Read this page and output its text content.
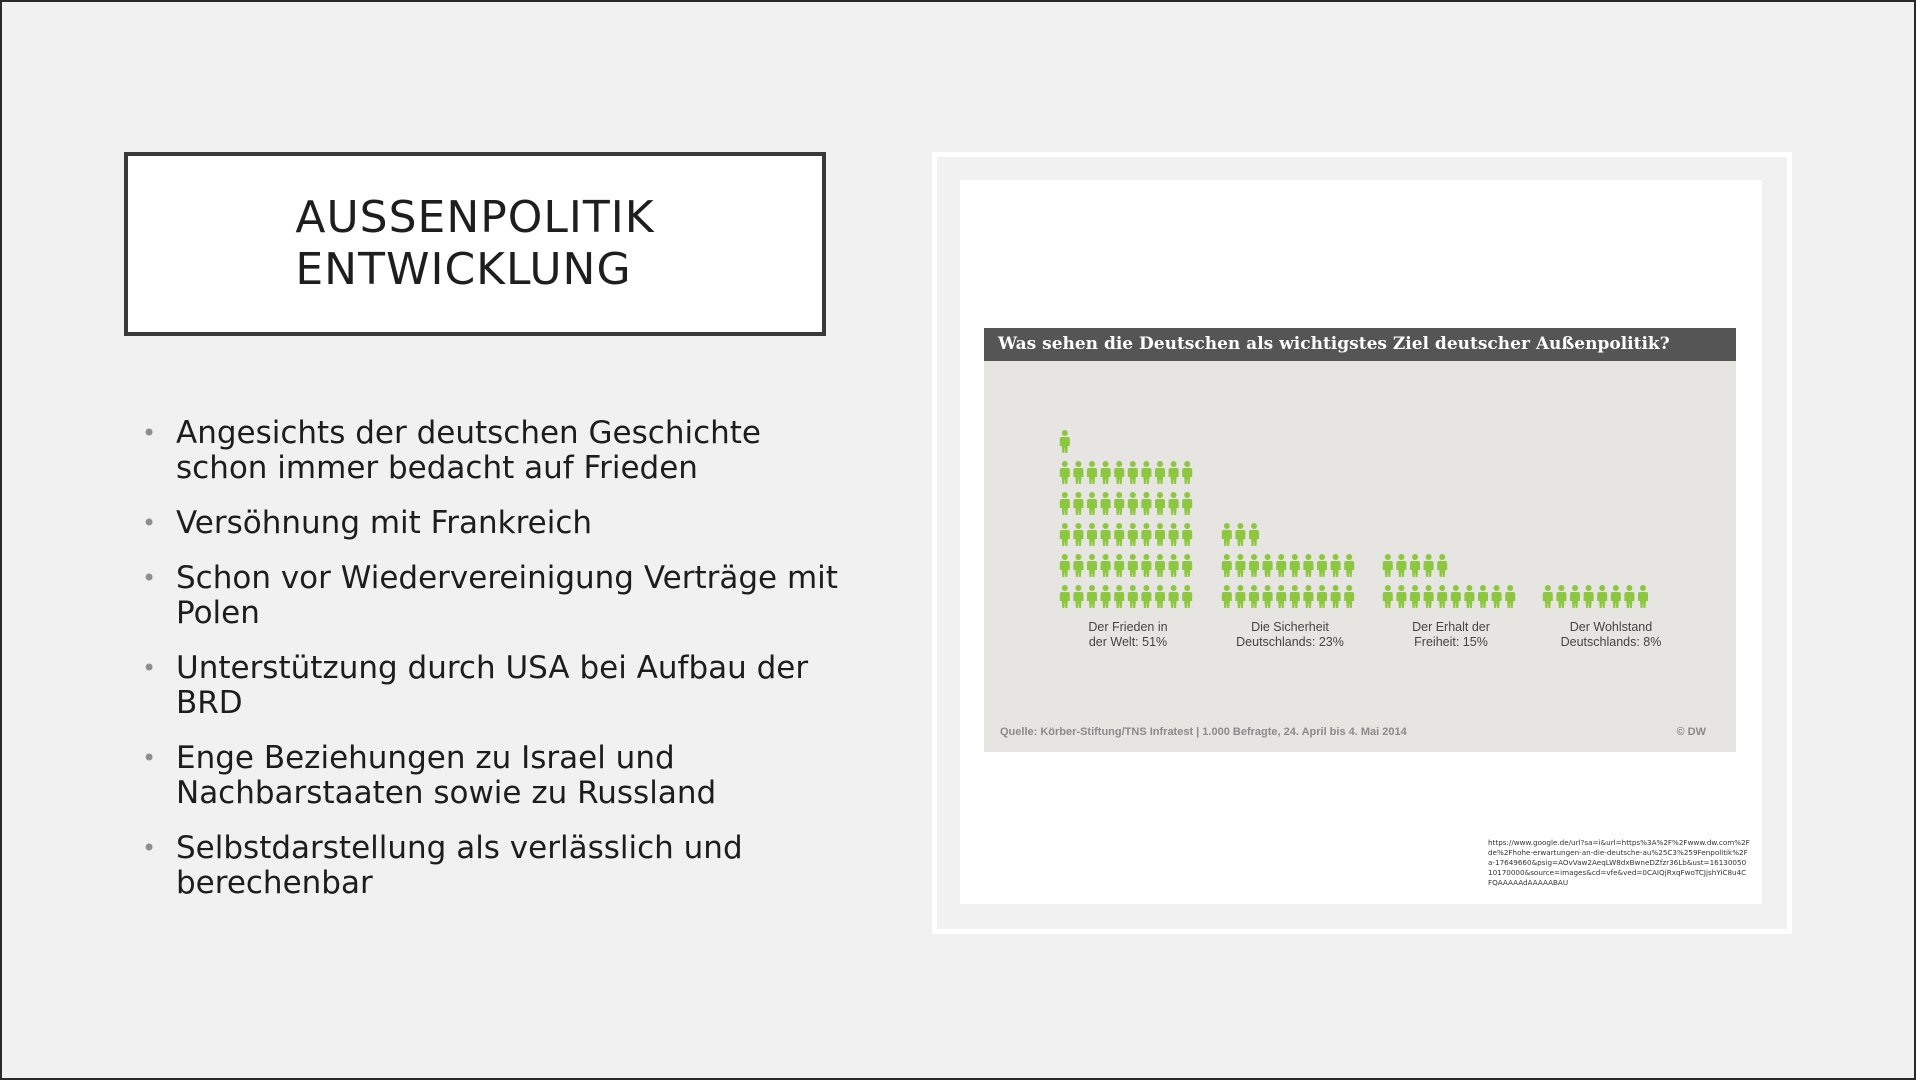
AUSSENPOLITIK
ENTWICKLUNG
• Angesichts der deutschen Geschichte schon immer bedacht auf Frieden
• Versöhnung mit Frankreich
• Schon vor Wiedervereinigung Verträge mit Polen
• Unterstützung durch USA bei Aufbau der BRD
• Enge Beziehungen zu Israel und Nachbarstaaten sowie zu Russland
• Selbstdarstellung als verlässlich und berechenbar
Was sehen die Deutschen als wichtigstes Ziel deutscher Außenpolitik?
Der Frieden in der Welt: 51%
Die Sicherheit Deutschlands: 23%
Der Erhalt der Freiheit: 15%
Der Wohlstand Deutschlands: 8%
Quelle: Körber-Stiftung/TNS Infratest | 1.000 Befragte, 24. April bis 4. Mai 2014	© DW
https://www.google.de/url?sa=i&url=https%3A%2F%2Fwww.dw.com%2Fde%2Fhohe-erwartungen-an-die-deutsche-au%25C3%259Fenpolitik%2Fa-17649660&psig=AOvVaw2AeqLW8dxBwneDZfzr36Lb&ust=1613005010170000&source=images&cd=vfe&ved=0CAIQjRxqFwoTCJjshYiC8u4CFQAAAAAdAAAAABAU
